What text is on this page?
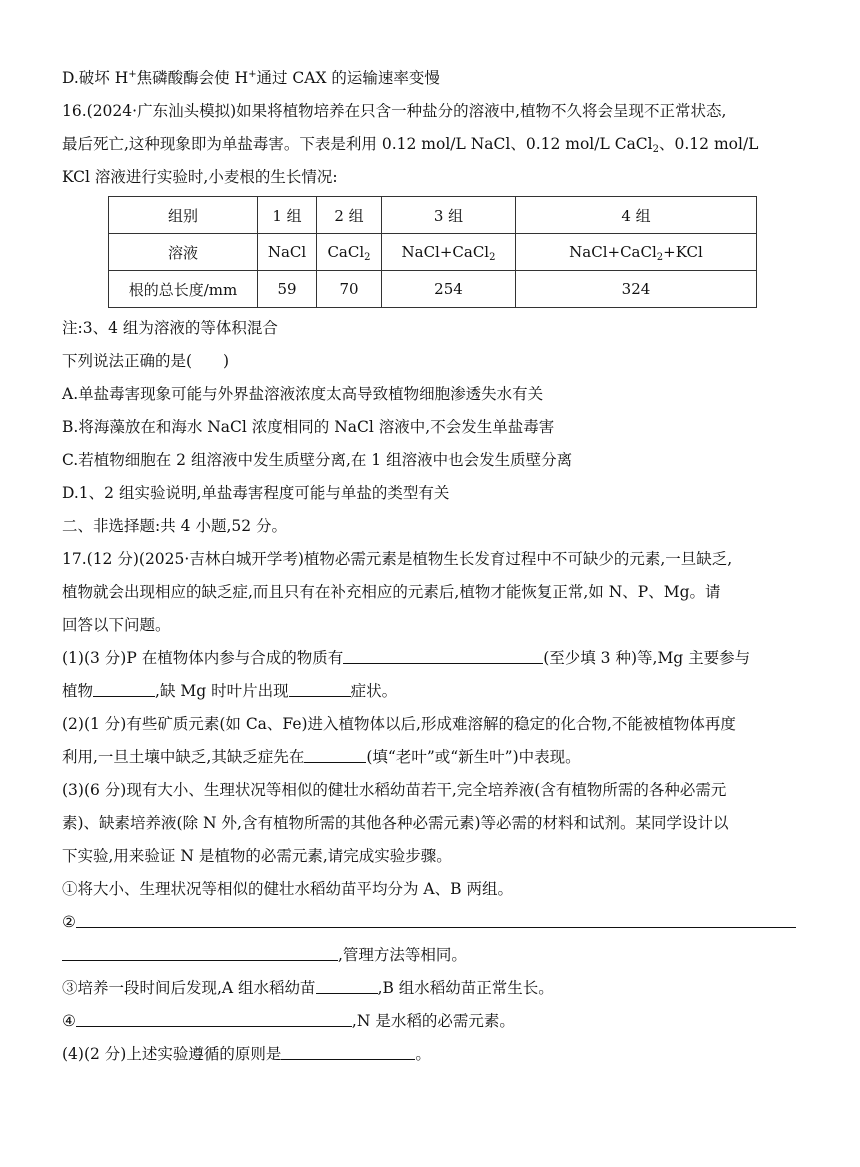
D.破坏 H+焦磷酸酶会使 H+通过 CAX 的运输速率变慢
16.(2024·广东汕头模拟)如果将植物培养在只含一种盐分的溶液中,植物不久将会呈现不正常状态,
最后死亡,这种现象即为单盐毒害。下表是利用 0.12 mol/L NaCl、0.12 mol/L CaCl$_2$、0.12 mol/L
KCl 溶液进行实验时,小麦根的生长情况:
组别	1 组	2 组	3 组	4 组
溶液	NaCl	CaCl$_2$	NaCl+CaCl$_2$	NaCl+CaCl$_2$+KCl
根的总长度/mm	59	70	254	324
注:3、4 组为溶液的等体积混合
下列说法正确的是(　　)
A.单盐毒害现象可能与外界盐溶液浓度太高导致植物细胞渗透失水有关
B.将海藻放在和海水 NaCl 浓度相同的 NaCl 溶液中,不会发生单盐毒害
C.若植物细胞在 2 组溶液中发生质壁分离,在 1 组溶液中也会发生质壁分离
D.1、2 组实验说明,单盐毒害程度可能与单盐的类型有关
二、非选择题:共 4 小题,52 分。
17.(12 分)(2025·吉林白城开学考)植物必需元素是植物生长发育过程中不可缺少的元素,一旦缺乏,
植物就会出现相应的缺乏症,而且只有在补充相应的元素后,植物才能恢复正常,如 N、P、Mg。请
回答以下问题。
(1)(3 分)P 在植物体内参与合成的物质有	(至少填 3 种)等,Mg 主要参与
植物	,缺 Mg 时叶片出现	症状。
(2)(1 分)有些矿质元素(如 Ca、Fe)进入植物体以后,形成难溶解的稳定的化合物,不能被植物体再度
利用,一旦土壤中缺乏,其缺乏症先在	(填“老叶”或“新生叶”)中表现。
(3)(6 分)现有大小、生理状况等相似的健壮水稻幼苗若干,完全培养液(含有植物所需的各种必需元
素)、缺素培养液(除 N 外,含有植物所需的其他各种必需元素)等必需的材料和试剂。某同学设计以
下实验,用来验证 N 是植物的必需元素,请完成实验步骤。
①将大小、生理状况等相似的健壮水稻幼苗平均分为 A、B 两组。
②
,管理方法等相同。
③培养一段时间后发现,A 组水稻幼苗	,B 组水稻幼苗正常生长。
④	,N 是水稻的必需元素。
(4)(2 分)上述实验遵循的原则是	。
